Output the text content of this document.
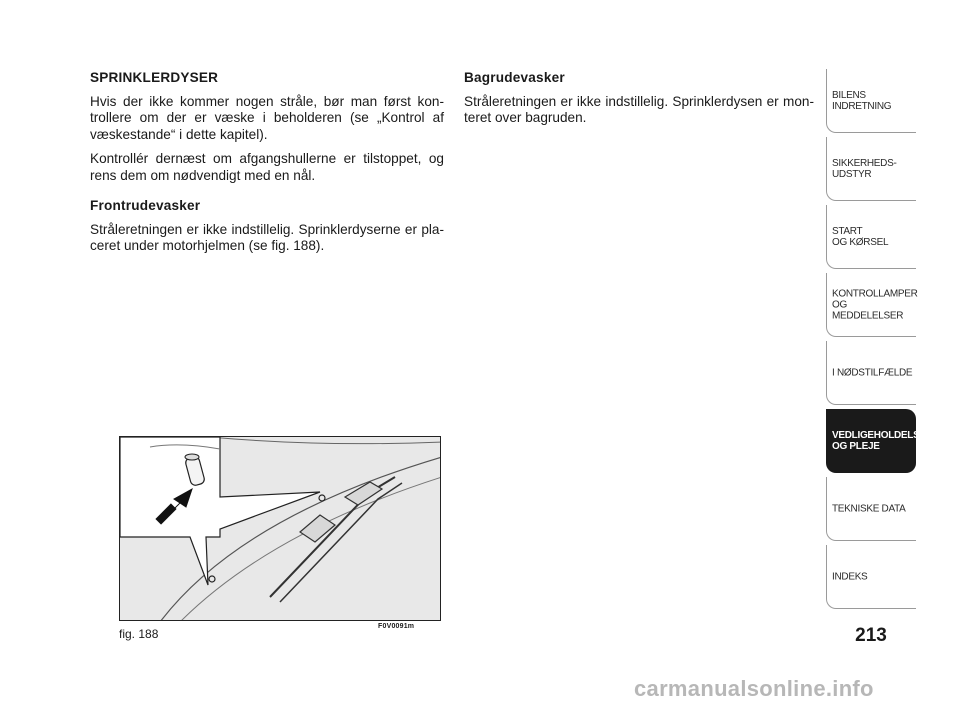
SPRINKLERDYSER

Hvis der ikke kommer nogen stråle, bør man først kon-trollere om der er væske i beholderen (se „Kontrol af væskestande“ i dette kapitel).

Kontrollér dernæst om afgangshullerne er tilstoppet, og rens dem om nødvendigt med en nål.

Frontrudevasker

Stråleretningen er ikke indstillelig. Sprinklerdyserne er pla-ceret under motorhjelmen (se fig. 188).

Bagrudevasker

Stråleretningen er ikke indstillelig. Sprinklerdysen er mon-teret over bagruden.

fig. 188
F0V0091m
BILENS
INDRETNING
SIKKERHEDS-
UDSTYR
START
OG KØRSEL
KONTROLLAMPER
OG MEDDELELSER
I NØDSTILFÆLDE
VEDLIGEHOLDELSE
OG PLEJE
TEKNISKE DATA
INDEKS
213
carmanualsonline.info
